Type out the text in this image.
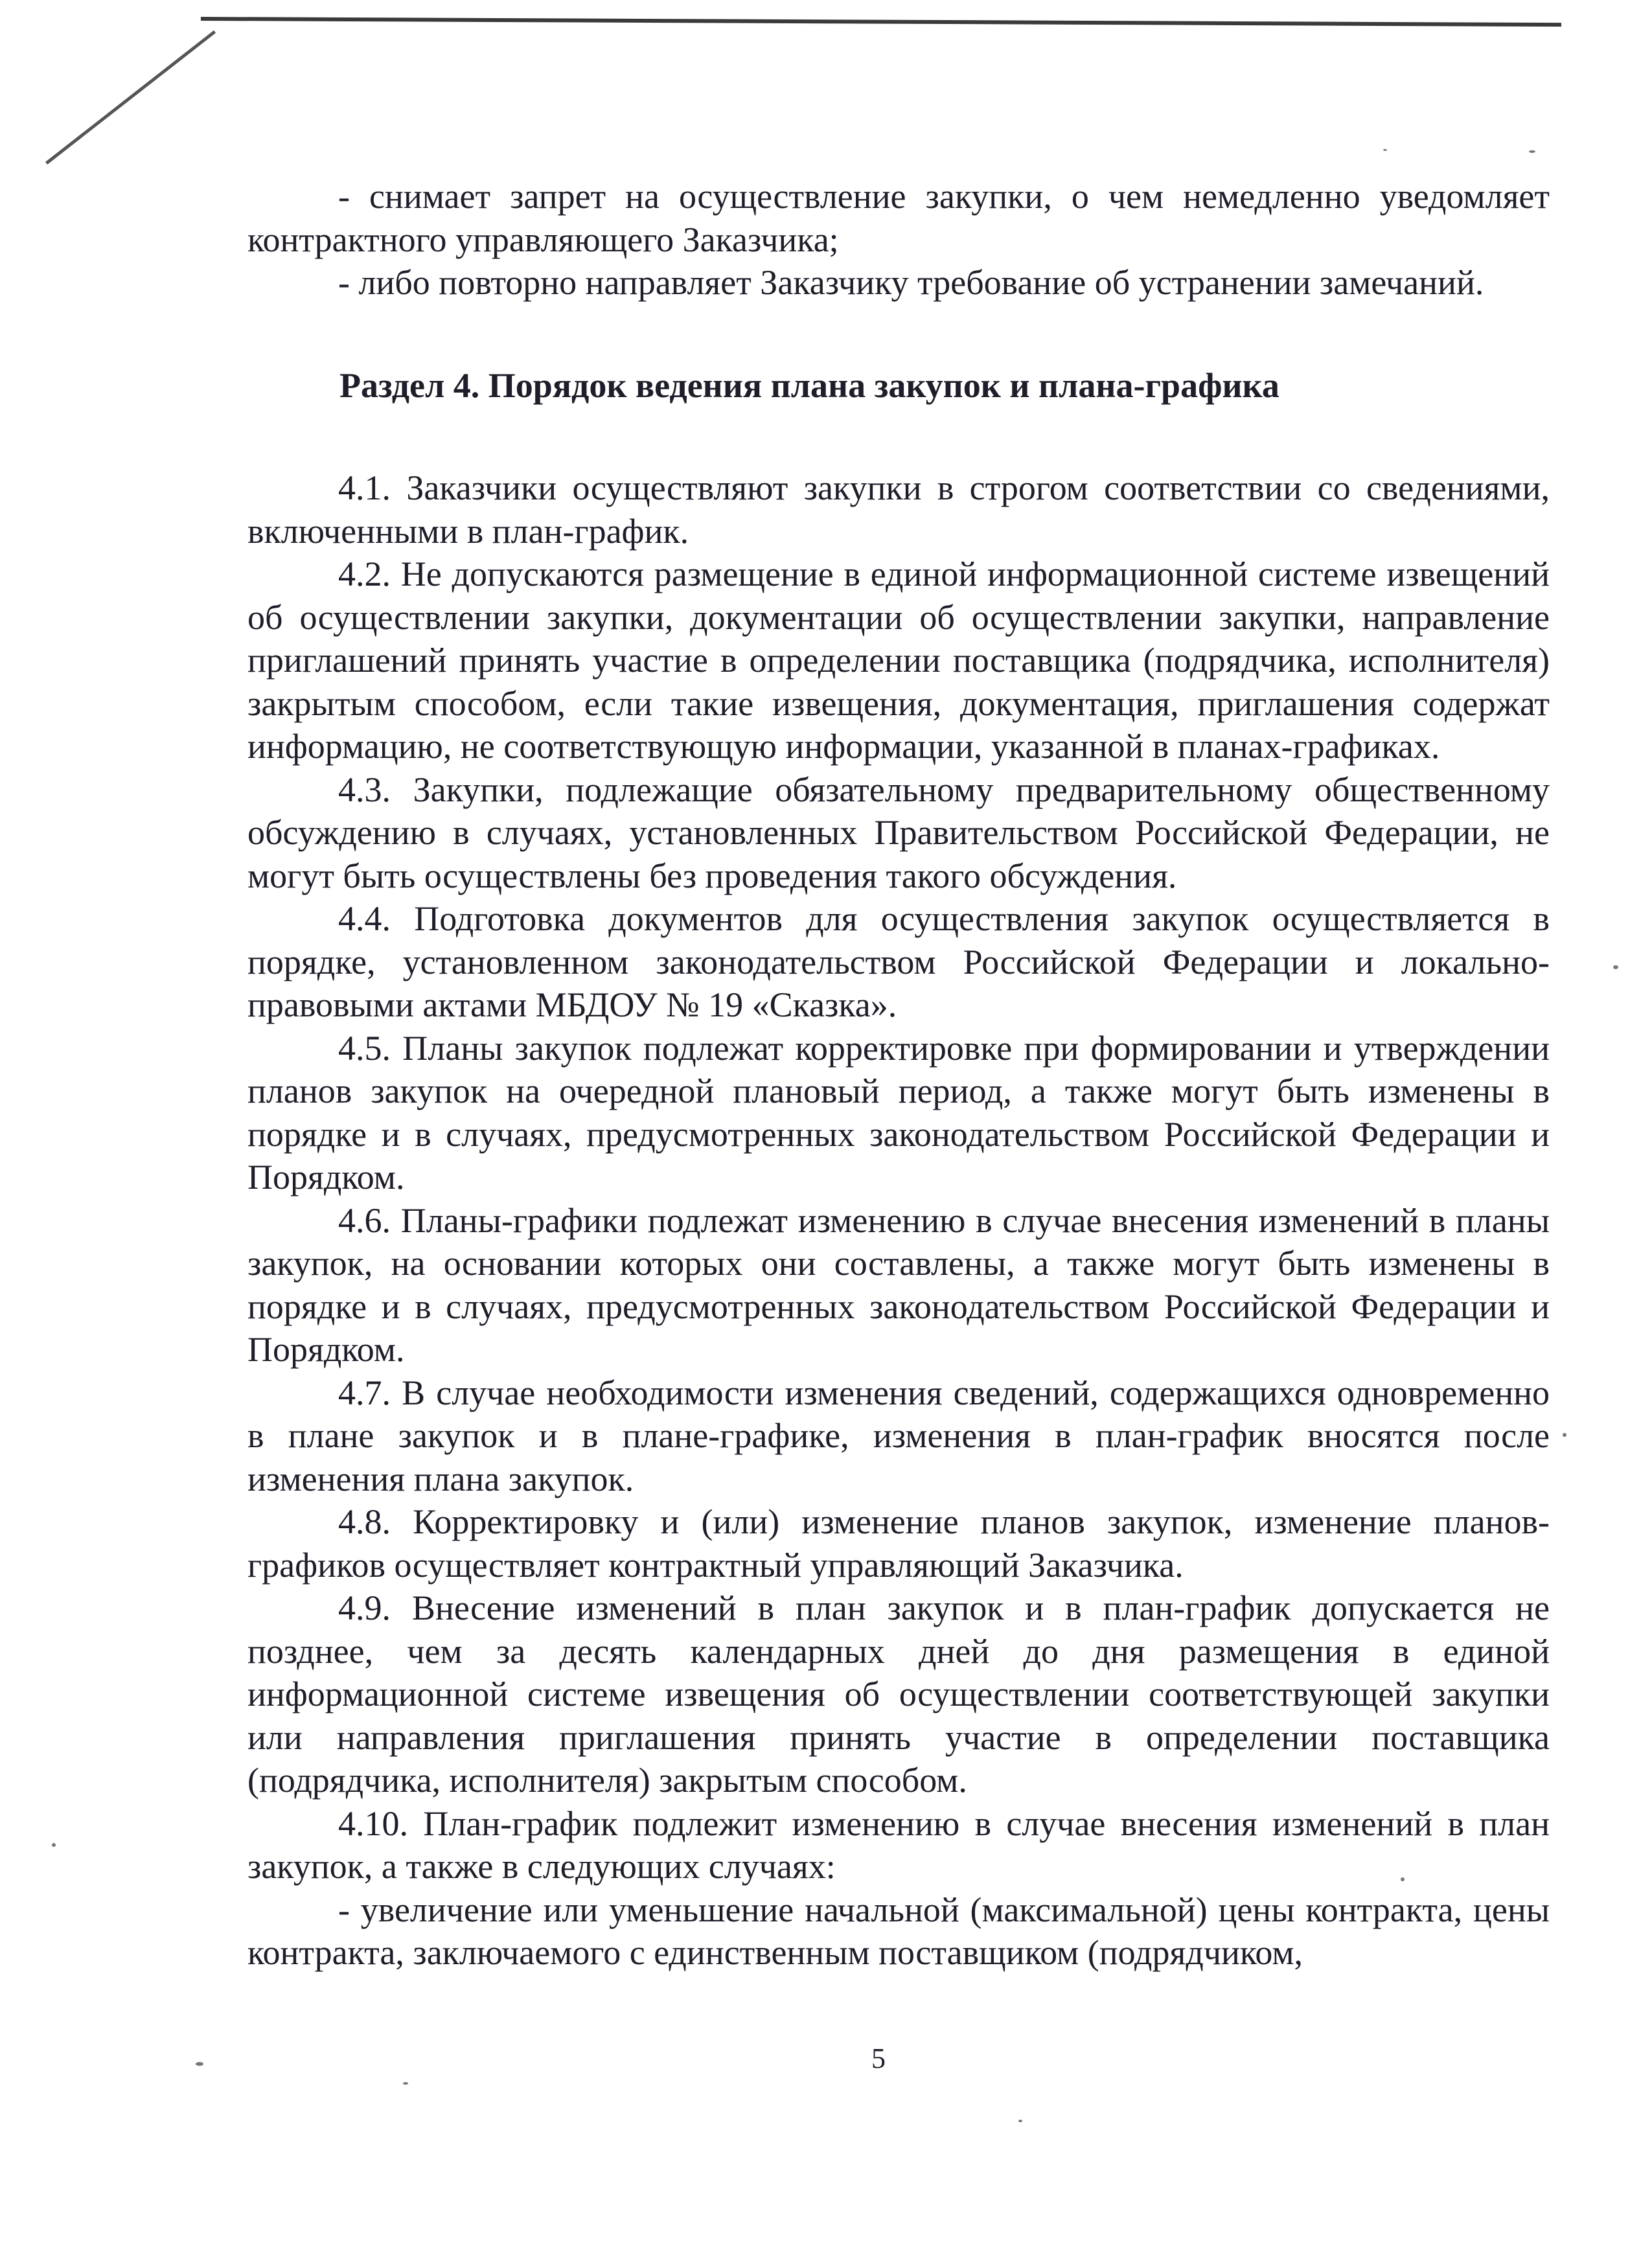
- снимает запрет на осуществление закупки, о чем немедленно уведомляет контрактного управляющего Заказчика;

- либо повторно направляет Заказчику требование об устранении замечаний.

Раздел 4. Порядок ведения плана закупок и плана-графика

4.1. Заказчики осуществляют закупки в строгом соответствии со сведениями, включенными в план-график.

4.2. Не допускаются размещение в единой информационной системе извещений об осуществлении закупки, документации об осуществлении закупки, направление приглашений принять участие в определении поставщика (подрядчика, исполнителя) закрытым способом, если такие извещения, документация, приглашения содержат информацию, не соответствующую информации, указанной в планах-графиках.

4.3. Закупки, подлежащие обязательному предварительному общественному обсуждению в случаях, установленных Правительством Российской Федерации, не могут быть осуществлены без проведения такого обсуждения.

4.4. Подготовка документов для осуществления закупок осуществляется в порядке, установленном законодательством Российской Федерации и локально-правовыми актами МБДОУ № 19 «Сказка».

4.5. Планы закупок подлежат корректировке при формировании и утверждении планов закупок на очередной плановый период, а также могут быть изменены в порядке и в случаях, предусмотренных законодательством Российской Федерации и Порядком.

4.6. Планы-графики подлежат изменению в случае внесения изменений в планы закупок, на основании которых они составлены, а также могут быть изменены в порядке и в случаях, предусмотренных законодательством Российской Федерации и Порядком.

4.7. В случае необходимости изменения сведений, содержащихся одновременно в плане закупок и в плане-графике, изменения в план-график вносятся после изменения плана закупок.

4.8. Корректировку и (или) изменение планов закупок, изменение планов-графиков осуществляет контрактный управляющий Заказчика.

4.9. Внесение изменений в план закупок и в план-график допускается не позднее, чем за десять календарных дней до дня размещения в единой информационной системе извещения об осуществлении соответствующей закупки или направления приглашения принять участие в определении поставщика (подрядчика, исполнителя) закрытым способом.

4.10. План-график подлежит изменению в случае внесения изменений в план закупок, а также в следующих случаях:

- увеличение или уменьшение начальной (максимальной) цены контракта, цены контракта, заключаемого с единственным поставщиком (подрядчиком,

5
